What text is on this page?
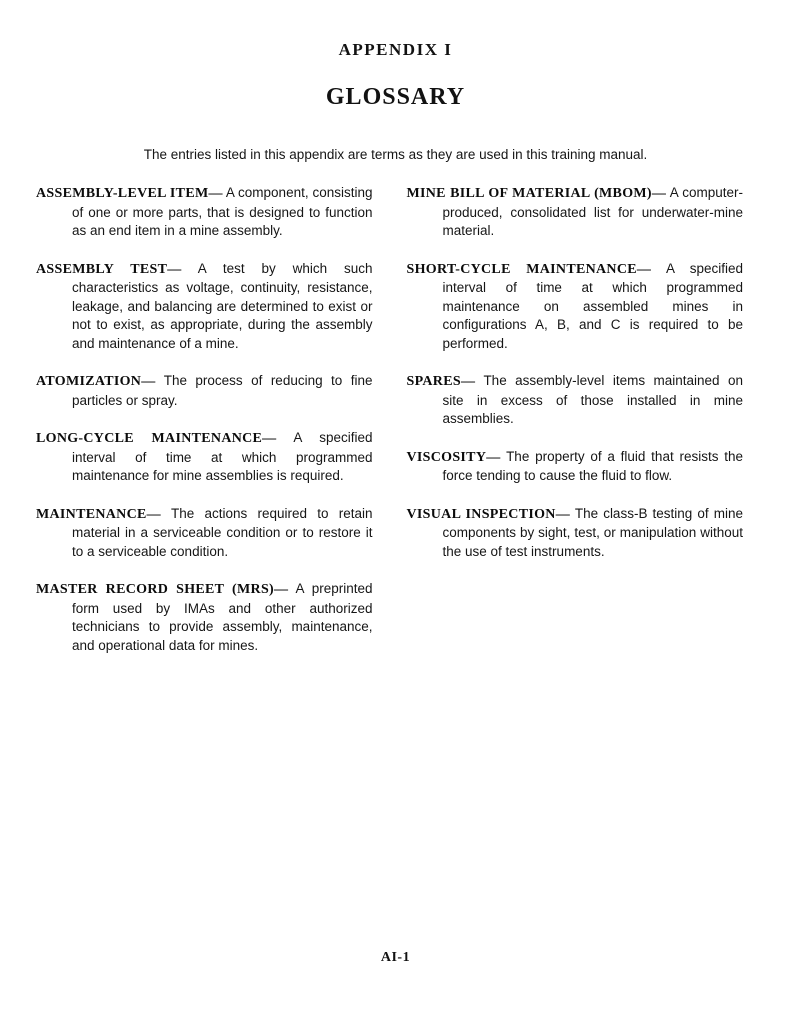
APPENDIX I
GLOSSARY
The entries listed in this appendix are terms as they are used in this training manual.

ASSEMBLY-LEVEL ITEM— A component, consisting of one or more parts, that is designed to function as an end item in a mine assembly.

ASSEMBLY TEST— A test by which such characteristics as voltage, continuity, resistance, leakage, and balancing are determined to exist or not to exist, as appropriate, during the assembly and maintenance of a mine.

ATOMIZATION— The process of reducing to fine particles or spray.

LONG-CYCLE MAINTENANCE— A specified interval of time at which programmed maintenance for mine assemblies is required.

MAINTENANCE— The actions required to retain material in a serviceable condition or to restore it to a serviceable condition.

MASTER RECORD SHEET (MRS)— A preprinted form used by IMAs and other authorized technicians to provide assembly, maintenance, and operational data for mines.

MINE BILL OF MATERIAL (MBOM)— A computer-produced, consolidated list for underwater-mine material.

SHORT-CYCLE MAINTENANCE— A specified interval of time at which programmed maintenance on assembled mines in configurations A, B, and C is required to be performed.

SPARES— The assembly-level items maintained on site in excess of those installed in mine assemblies.

VISCOSITY— The property of a fluid that resists the force tending to cause the fluid to flow.

VISUAL INSPECTION— The class-B testing of mine components by sight, test, or manipulation without the use of test instruments.

AI-1
